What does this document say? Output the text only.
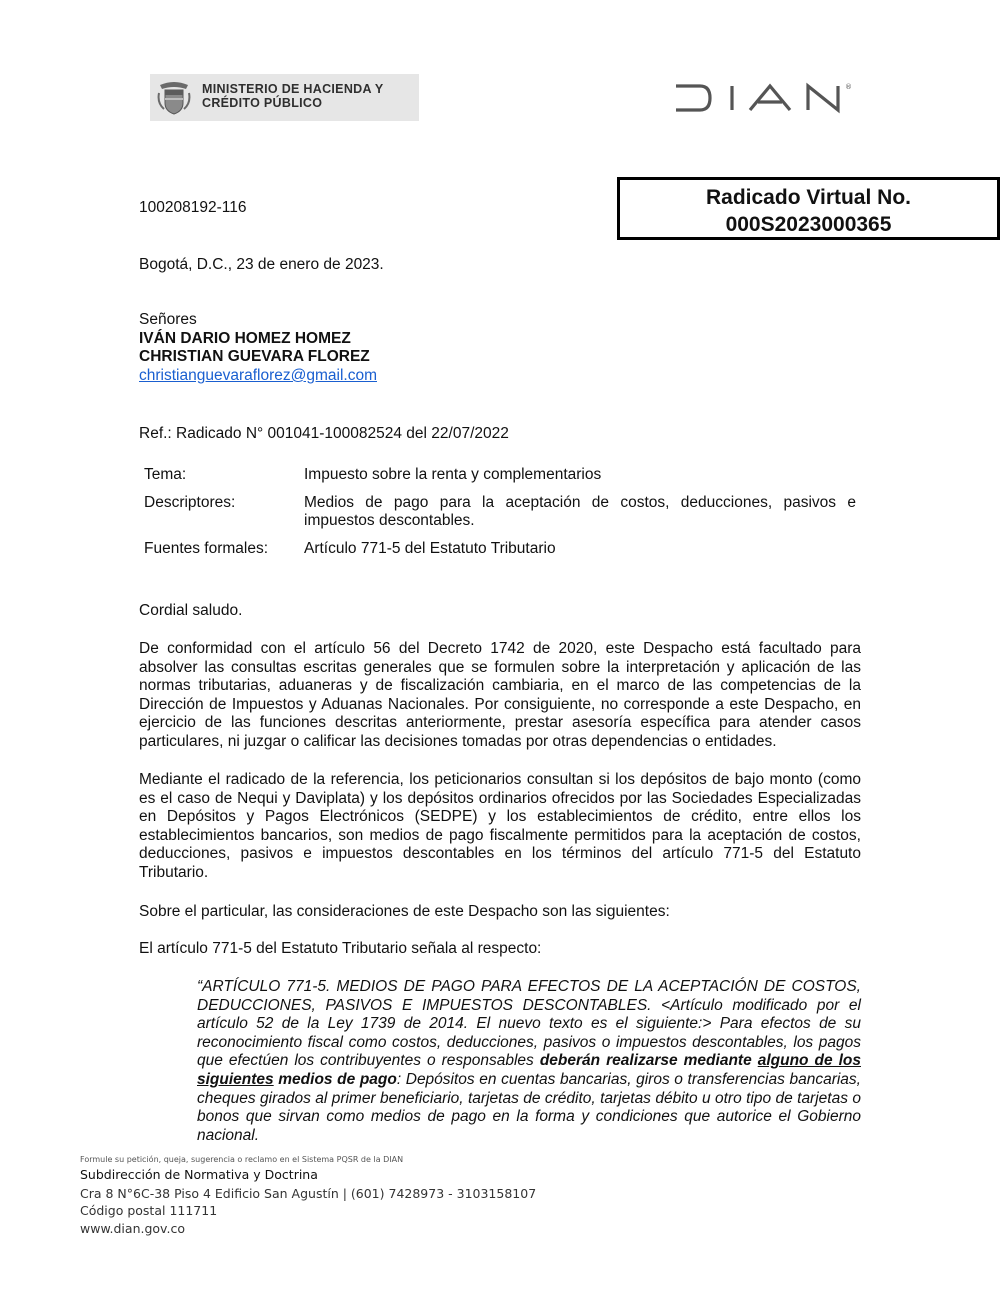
MINISTERIO DE HACIENDA Y
CRÉDITO PÚBLICO
®
100208192-116	Radicado Virtual No.
000S2023000365
Bogotá, D.C., 23 de enero de 2023.
Señores
IVÁN DARIO HOMEZ HOMEZ
CHRISTIAN GUEVARA FLOREZ
christianguevaraflorez@gmail.com
Ref.: Radicado N° 001041-100082524 del 22/07/2022
Tema:	Impuesto sobre la renta y complementarios
Descriptores:	Medios de pago para la aceptación de costos, deducciones, pasivos e impuestos descontables.
Fuentes formales:	Artículo 771-5 del Estatuto Tributario
Cordial saludo.
De conformidad con el artículo 56 del Decreto 1742 de 2020, este Despacho está facultado para absolver las consultas escritas generales que se formulen sobre la interpretación y aplicación de las normas tributarias, aduaneras y de fiscalización cambiaria, en el marco de las competencias de la Dirección de Impuestos y Aduanas Nacionales. Por consiguiente, no corresponde a este Despacho, en ejercicio de las funciones descritas anteriormente, prestar asesoría específica para atender casos particulares, ni juzgar o calificar las decisiones tomadas por otras dependencias o entidades.
Mediante el radicado de la referencia, los peticionarios consultan si los depósitos de bajo monto (como es el caso de Nequi y Daviplata) y los depósitos ordinarios ofrecidos por las Sociedades Especializadas en Depósitos y Pagos Electrónicos (SEDPE) y los establecimientos de crédito, entre ellos los establecimientos bancarios, son medios de pago fiscalmente permitidos para la aceptación de costos, deducciones, pasivos e impuestos descontables en los términos del artículo 771-5 del Estatuto Tributario.
Sobre el particular, las consideraciones de este Despacho son las siguientes:
El artículo 771-5 del Estatuto Tributario señala al respecto:
“ARTÍCULO 771-5. MEDIOS DE PAGO PARA EFECTOS DE LA ACEPTACIÓN DE COSTOS, DEDUCCIONES, PASIVOS E IMPUESTOS DESCONTABLES. <Artículo modificado por el artículo 52 de la Ley 1739 de 2014. El nuevo texto es el siguiente:> Para efectos de su reconocimiento fiscal como costos, deducciones, pasivos o impuestos descontables, los pagos que efectúen los contribuyentes o responsables deberán realizarse mediante alguno de los siguientes medios de pago: Depósitos en cuentas bancarias, giros o transferencias bancarias, cheques girados al primer beneficiario, tarjetas de crédito, tarjetas débito u otro tipo de tarjetas o bonos que sirvan como medios de pago en la forma y condiciones que autorice el Gobierno nacional.
Formule su petición, queja, sugerencia o reclamo en el Sistema PQSR de la DIAN
Subdirección de Normativa y Doctrina
Cra 8 N°6C-38 Piso 4 Edificio San Agustín | (601) 7428973 - 3103158107
Código postal 111711
www.dian.gov.co
